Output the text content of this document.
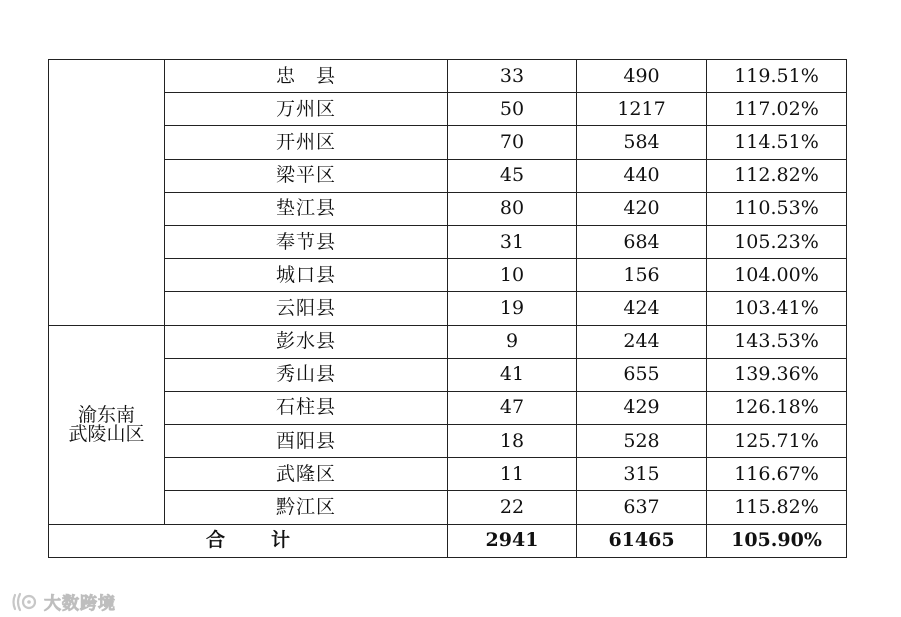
	忠　县	33	490	119.51%
	万州区	50	1217	117.02%
	开州区	70	584	114.51%
	梁平区	45	440	112.82%
	垫江县	80	420	110.53%
	奉节县	31	684	105.23%
	城口县	10	156	104.00%
	云阳县	19	424	103.41%

渝东南
武陵山区	彭水县	9	244	143.53%
	秀山县	41	655	139.36%
	石柱县	47	429	126.18%
	酉阳县	18	528	125.71%
	武隆区	11	315	116.67%
	黔江区	22	637	115.82%
合 计		2941	61465	105.90%
大数跨境
